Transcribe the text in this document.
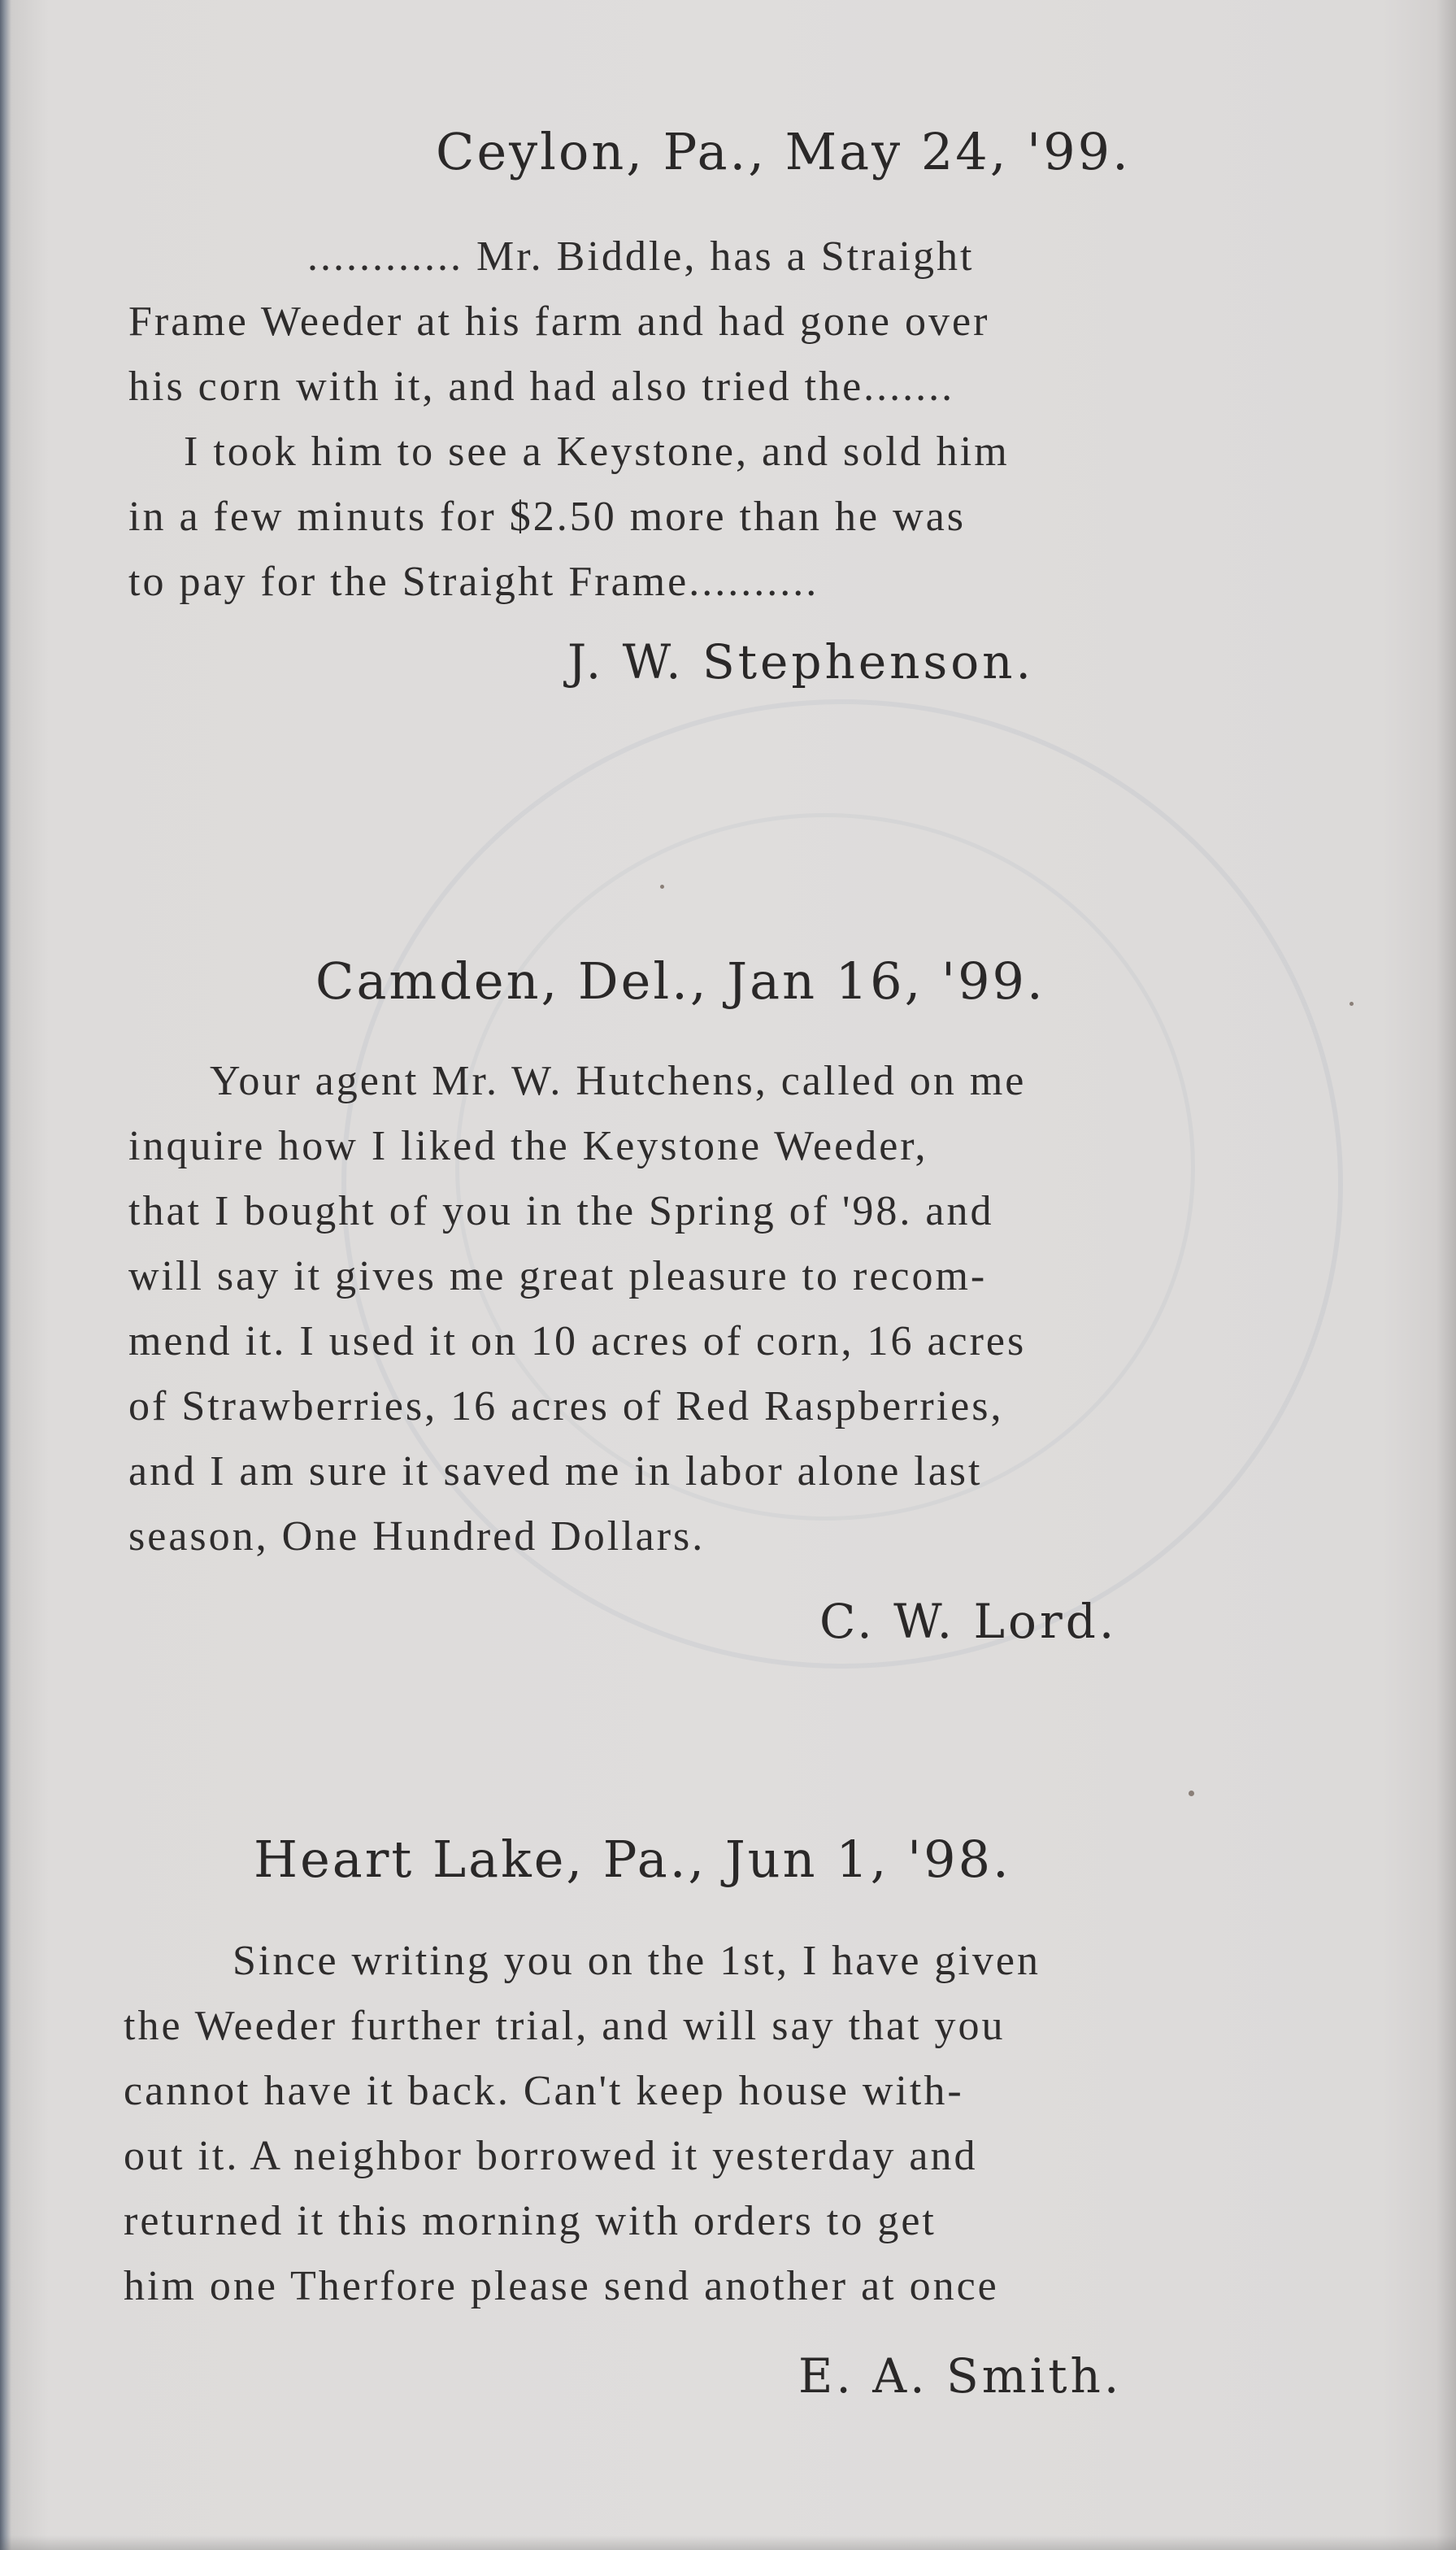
Ceylon, Pa., May 24, '99.
............ Mr. Biddle, has a Straight
Frame Weeder at his farm and had gone over
his corn with it, and had also tried the.......
I took him to see a Keystone, and sold him
in a few minuts for $2.50 more than he was
to pay for the Straight Frame..........
J. W. Stephenson.
Camden, Del., Jan 16, '99.
Your agent Mr. W. Hutchens, called on me
inquire how I liked the Keystone Weeder,
that I bought of you in the Spring of '98. and
will say it gives me great pleasure to recom-
mend it. I used it on 10 acres of corn, 16 acres
of Strawberries, 16 acres of Red Raspberries,
and I am sure it saved me in labor alone last
season, One Hundred Dollars.
C. W. Lord.
Heart Lake, Pa., Jun 1, '98.
Since writing you on the 1st, I have given
the Weeder further trial, and will say that you
cannot have it back. Can't keep house with-
out it. A neighbor borrowed it yesterday and
returned it this morning with orders to get
him one Therfore please send another at once
E. A. Smith.
